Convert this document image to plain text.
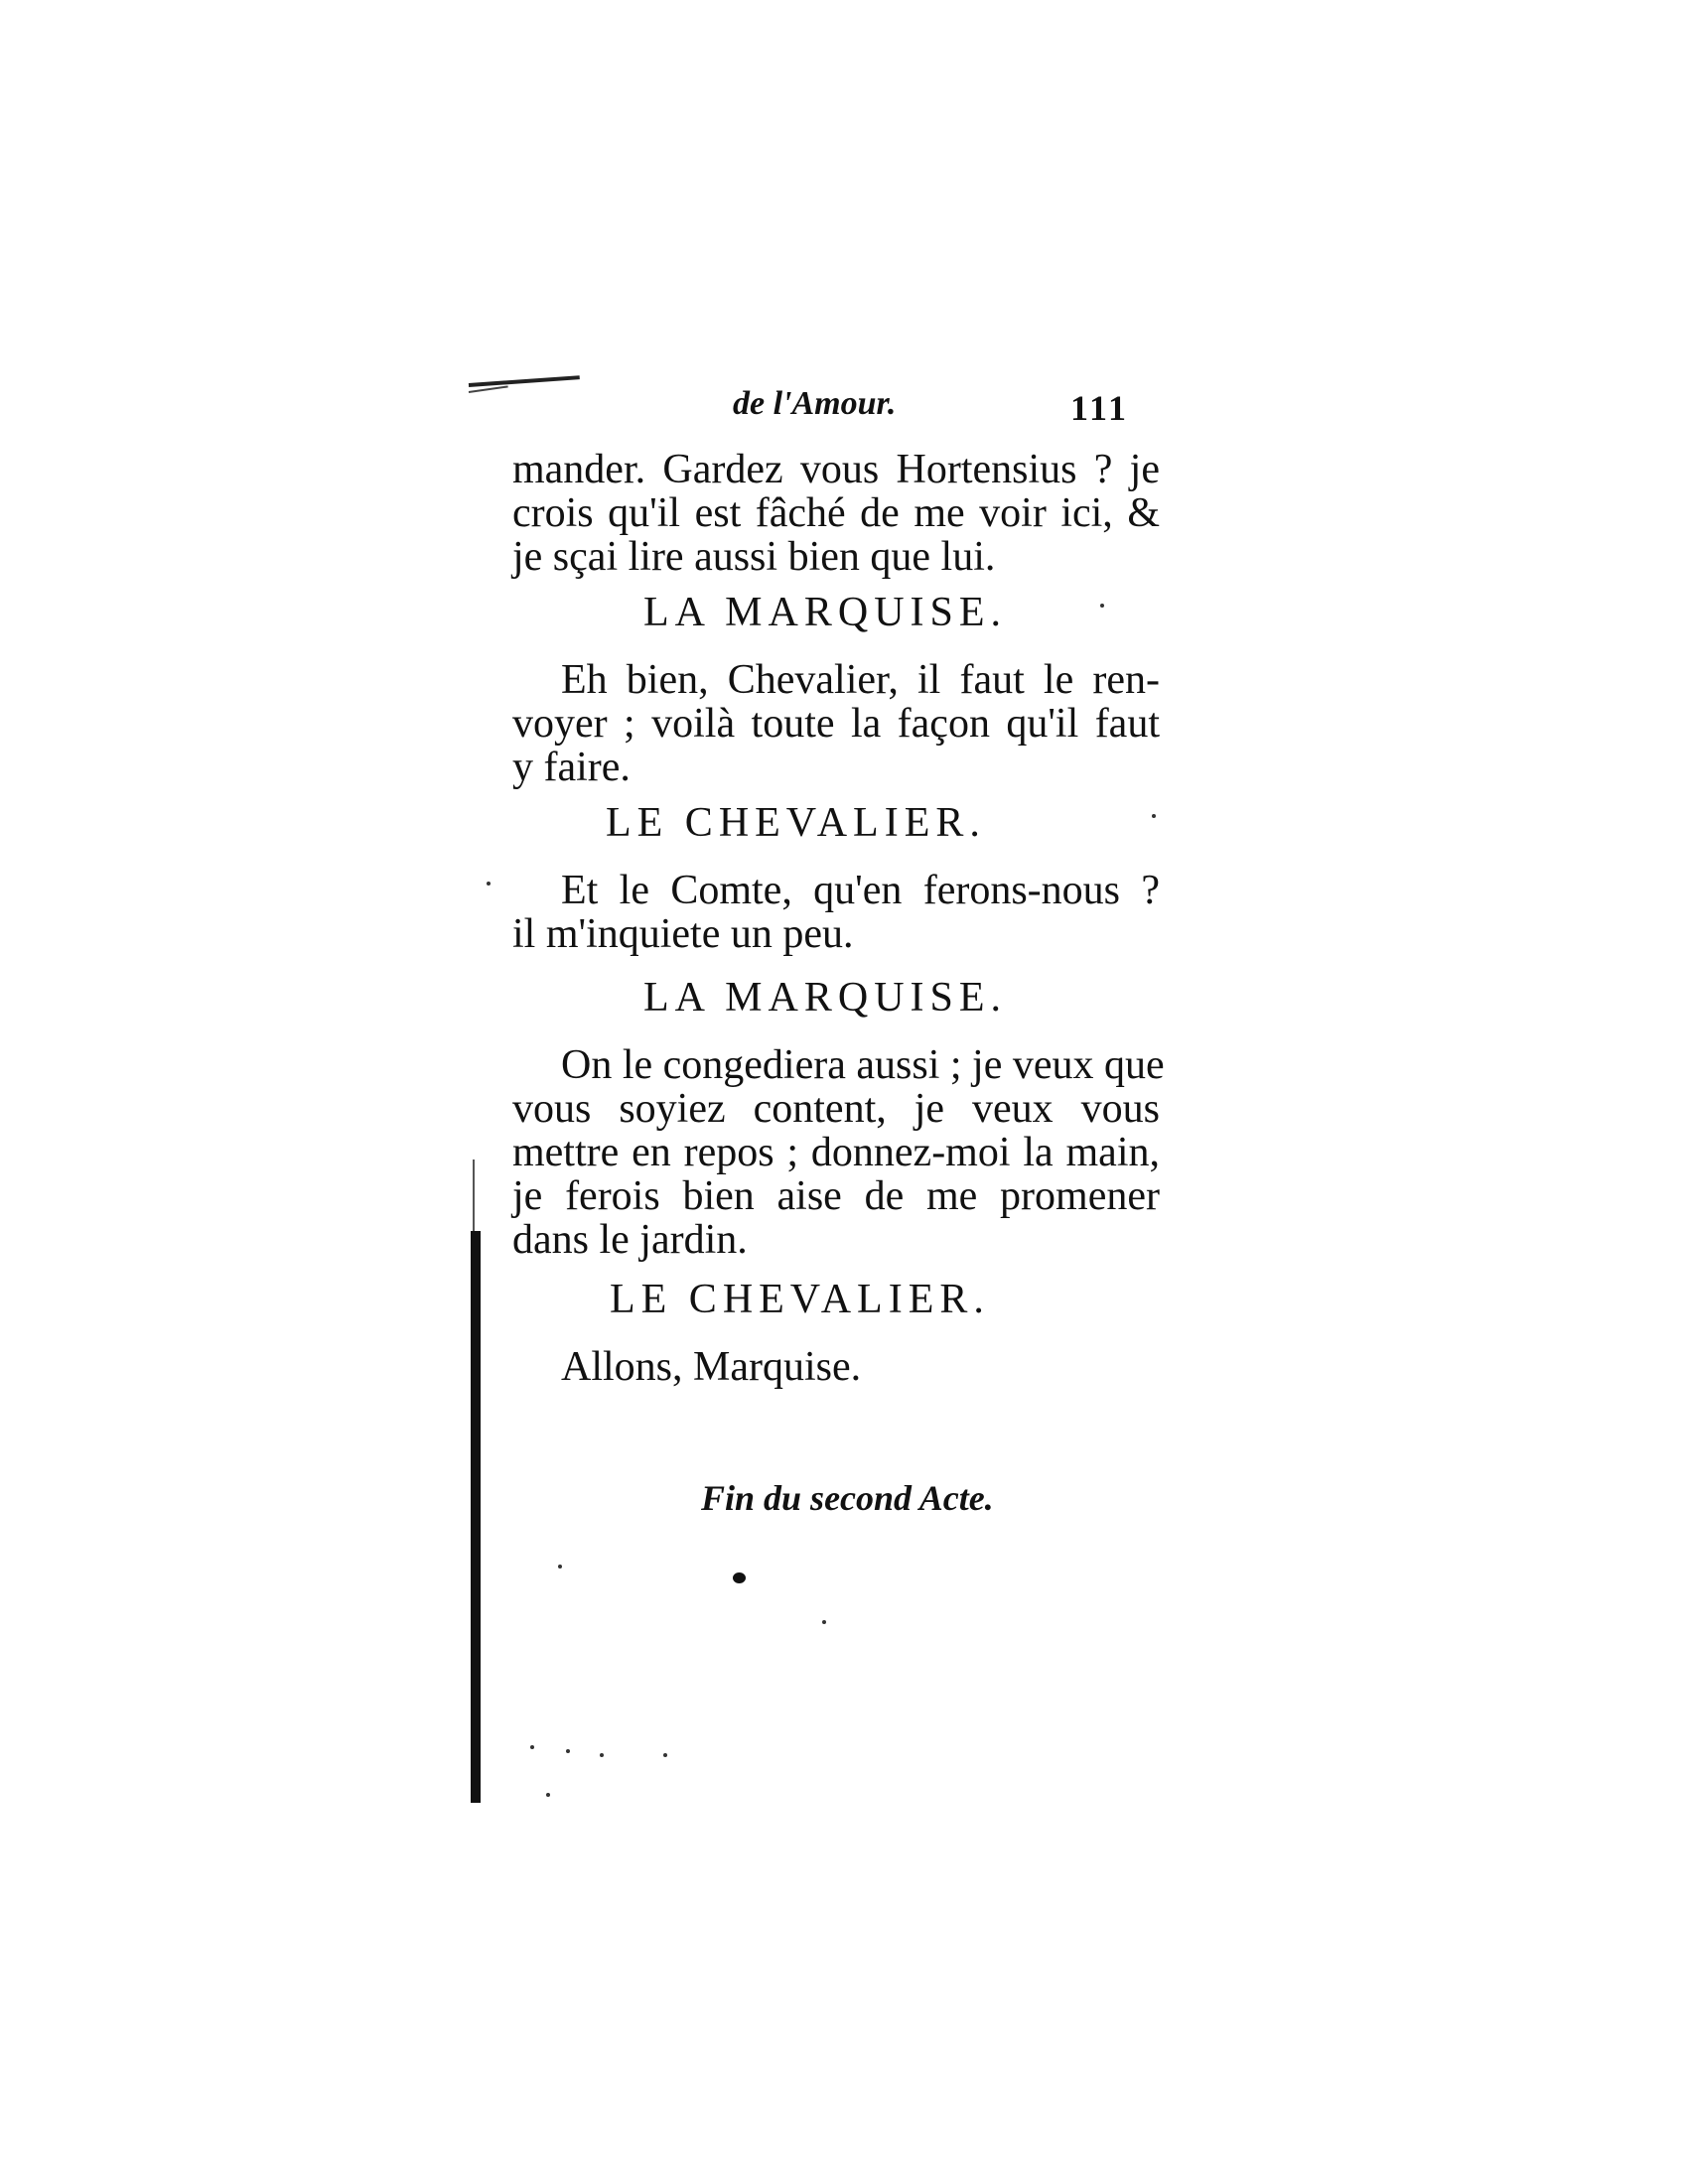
de l'Amour.	111
mander. Gardez vous Hortensius ? je
crois qu'il est fâché de me voir ici, &
je sçai lire aussi bien que lui.
LA MARQUISE.
Eh bien, Chevalier, il faut le ren-
voyer ; voilà toute la façon qu'il faut
y faire.
LE CHEVALIER.
Et le Comte, qu'en ferons-nous ?
il m'inquiete un peu.
LA MARQUISE.
On le congediera aussi ; je veux que
vous soyiez content, je veux vous
mettre en repos ; donnez-moi la main,
je ferois bien aise de me promener
dans le jardin.
LE CHEVALIER.
Allons, Marquise.
Fin du second Acte.
